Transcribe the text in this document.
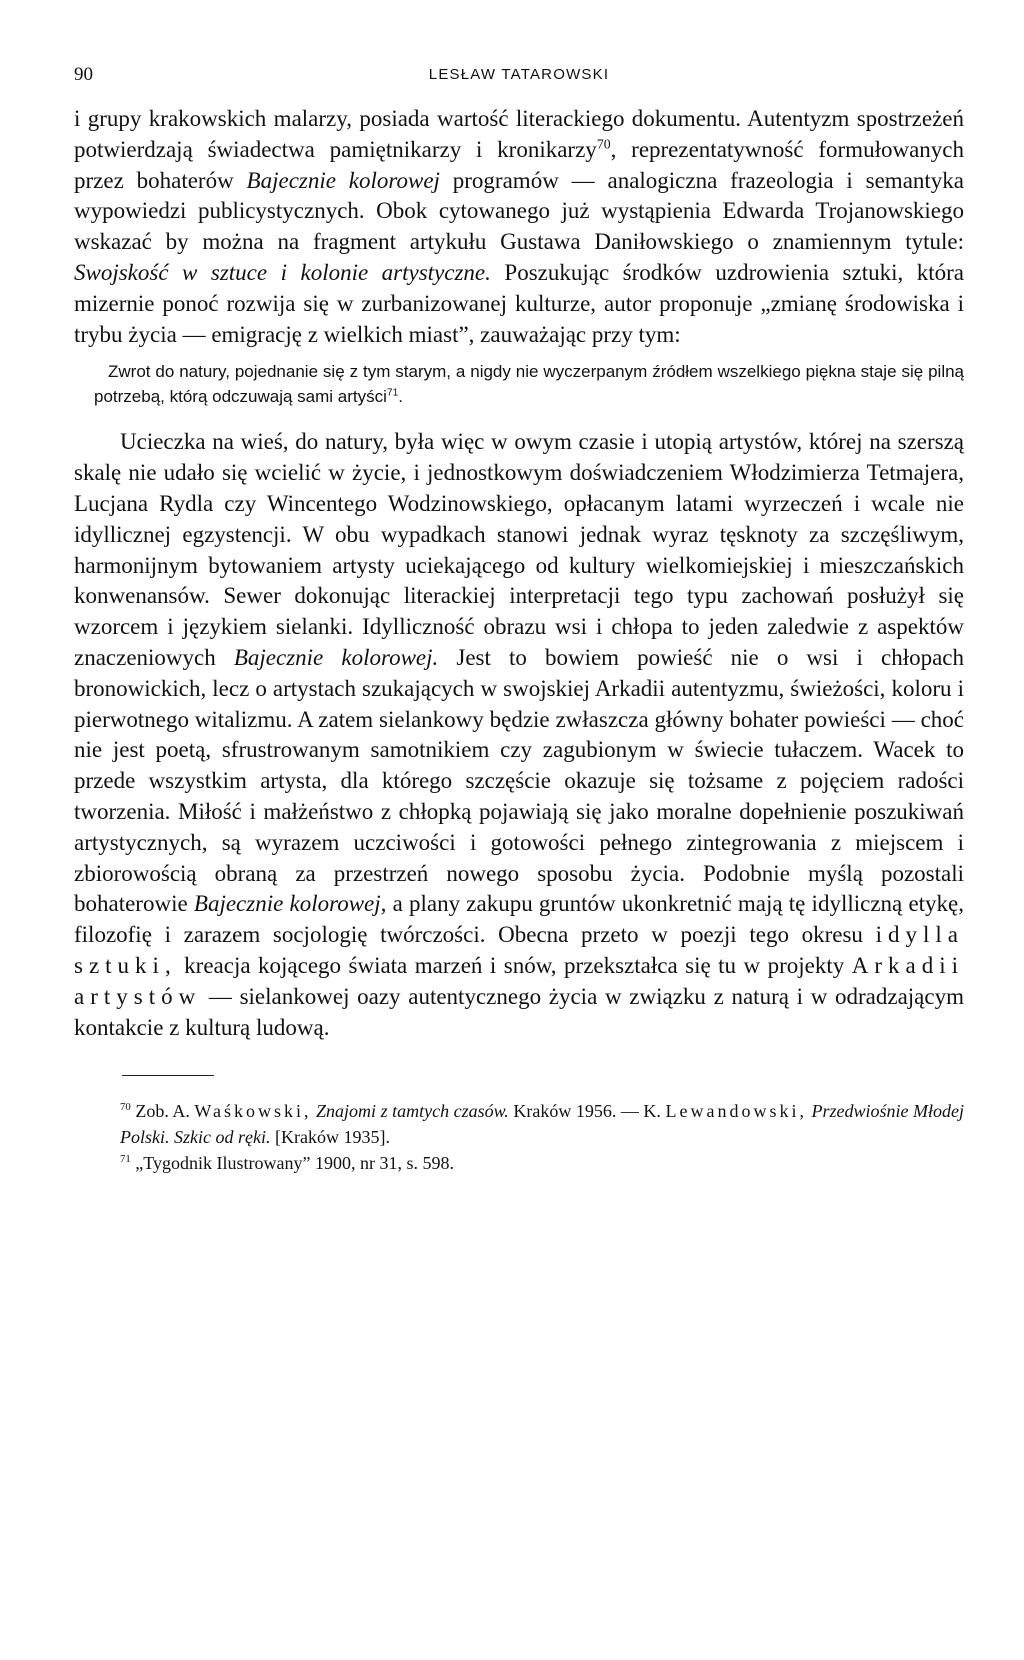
90	LESŁAW TATAROWSKI

i grupy krakowskich malarzy, posiada wartość literackiego dokumentu. Autentyzm spostrzeżeń potwierdzają świadectwa pamiętnikarzy i kronikarzy$^{70}$, reprezentatywność formułowanych przez bohaterów Bajecznie kolorowej programów — analogiczna frazeologia i semantyka wypowiedzi publicystycznych. Obok cytowanego już wystąpienia Edwarda Trojanowskiego wskazać by można na fragment artykułu Gustawa Daniłowskiego o znamiennym tytule: Swojskość w sztuce i kolonie artystyczne. Poszukując środków uzdrowienia sztuki, która mizernie ponoć rozwija się w zurbanizowanej kulturze, autor proponuje „zmianę środowiska i trybu życia — emigrację z wielkich miast”, zauważając przy tym:

Zwrot do natury, pojednanie się z tym starym, a nigdy nie wyczerpanym źródłem wszelkiego piękna staje się pilną potrzebą, którą odczuwają sami artyści$^{71}$.

Ucieczka na wieś, do natury, była więc w owym czasie i utopią artystów, której na szerszą skalę nie udało się wcielić w życie, i jednostkowym doświadczeniem Włodzimierza Tetmajera, Lucjana Rydla czy Wincentego Wodzinowskiego, opłacanym latami wyrzeczeń i wcale nie idyllicznej egzystencji. W obu wypadkach stanowi jednak wyraz tęsknoty za szczęśliwym, harmonijnym bytowaniem artysty uciekającego od kultury wielkomiejskiej i mieszczańskich konwenansów. Sewer dokonując literackiej interpretacji tego typu zachowań posłużył się wzorcem i językiem sielanki. Idylliczność obrazu wsi i chłopa to jeden zaledwie z aspektów znaczeniowych Bajecznie kolorowej. Jest to bowiem powieść nie o wsi i chłopach bronowickich, lecz o artystach szukających w swojskiej Arkadii autentyzmu, świeżości, koloru i pierwotnego witalizmu. A zatem sielankowy będzie zwłaszcza główny bohater powieści — choć nie jest poetą, sfrustrowanym samotnikiem czy zagubionym w świecie tułaczem. Wacek to przede wszystkim artysta, dla którego szczęście okazuje się tożsame z pojęciem radości tworzenia. Miłość i małżeństwo z chłopką pojawiają się jako moralne dopełnienie poszukiwań artystycznych, są wyrazem uczciwości i gotowości pełnego zintegrowania z miejscem i zbiorowością obraną za przestrzeń nowego sposobu życia. Podobnie myślą pozostali bohaterowie Bajecznie kolorowej, a plany zakupu gruntów ukonkretnić mają tę idylliczną etykę, filozofię i zarazem socjologię twórczości. Obecna przeto w poezji tego okresu idylla sztuki, kreacja kojącego świata marzeń i snów, przekształca się tu w projekty Arkadii artystów — sielankowej oazy autentycznego życia w związku z naturą i w odradzającym kontakcie z kulturą ludową.

$^{70}$ Zob. A. Waśkowski, Znajomi z tamtych czasów. Kraków 1956. — K. Lewandowski, Przedwiośnie Młodej Polski. Szkic od ręki. [Kraków 1935].

$^{71}$ „Tygodnik Ilustrowany” 1900, nr 31, s. 598.
